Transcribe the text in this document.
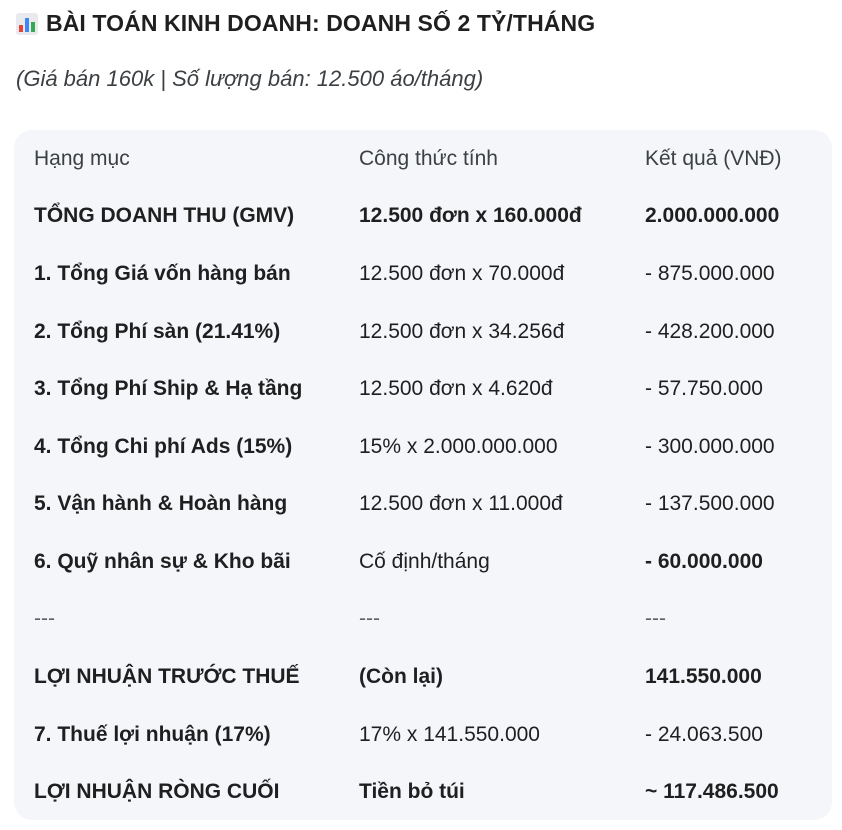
BÀI TOÁN KINH DOANH: DOANH SỐ 2 TỶ/THÁNG
(Giá bán 160k | Số lượng bán: 12.500 áo/tháng)
Hạng mục	Công thức tính	Kết quả (VNĐ)
TỔNG DOANH THU (GMV)	12.500 đơn x 160.000đ	2.000.000.000
1. Tổng Giá vốn hàng bán	12.500 đơn x 70.000đ	- 875.000.000
2. Tổng Phí sàn (21.41%)	12.500 đơn x 34.256đ	- 428.200.000
3. Tổng Phí Ship & Hạ tầng	12.500 đơn x 4.620đ	- 57.750.000
4. Tổng Chi phí Ads (15%)	15% x 2.000.000.000	- 300.000.000
5. Vận hành & Hoàn hàng	12.500 đơn x 11.000đ	- 137.500.000
6. Quỹ nhân sự & Kho bãi	Cố định/tháng	- 60.000.000
---	---	---
LỢI NHUẬN TRƯỚC THUẾ	(Còn lại)	141.550.000
7. Thuế lợi nhuận (17%)	17% x 141.550.000	- 24.063.500
LỢI NHUẬN RÒNG CUỐI	Tiền bỏ túi	~ 117.486.500
